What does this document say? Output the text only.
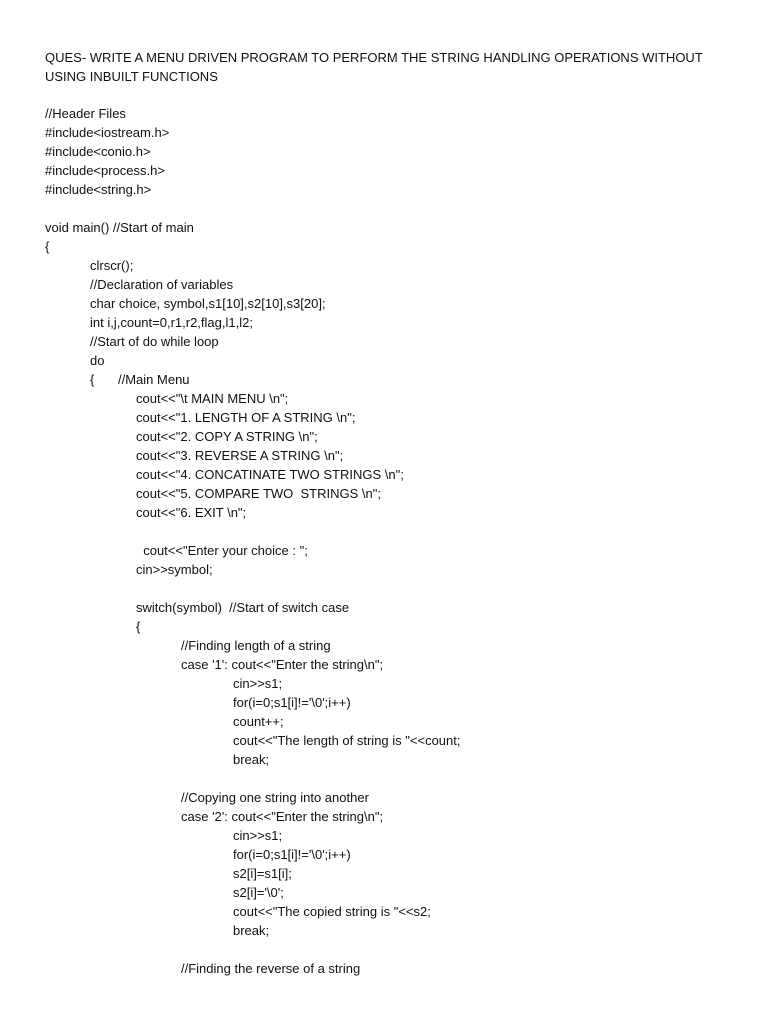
QUES- WRITE A MENU DRIVEN PROGRAM TO PERFORM THE STRING HANDLING OPERATIONS WITHOUT
USING INBUILT FUNCTIONS
//Header Files
#include<iostream.h>
#include<conio.h>
#include<process.h>
#include<string.h>
void main() //Start of main
{
clrscr();
//Declaration of variables
char choice, symbol,s1[10],s2[10],s3[20];
int i,j,count=0,r1,r2,flag,l1,l2;
//Start of do while loop
do
{ //Main Menu
cout<<"\t MAIN MENU \n";
cout<<"1. LENGTH OF A STRING \n";
cout<<"2. COPY A STRING \n";
cout<<"3. REVERSE A STRING \n";
cout<<"4. CONCATINATE TWO STRINGS \n";
cout<<"5. COMPARE TWO  STRINGS \n";
cout<<"6. EXIT \n";
cout<<"Enter your choice : ";
cin>>symbol;
switch(symbol)  //Start of switch case
{
//Finding length of a string
case '1': cout<<"Enter the string\n";
cin>>s1;
for(i=0;s1[i]!='\0';i++)
count++;
cout<<"The length of string is "<<count;
break;
//Copying one string into another
case '2': cout<<"Enter the string\n";
cin>>s1;
for(i=0;s1[i]!='\0';i++)
s2[i]=s1[i];
s2[i]='\0';
cout<<"The copied string is "<<s2;
break;
//Finding the reverse of a string
